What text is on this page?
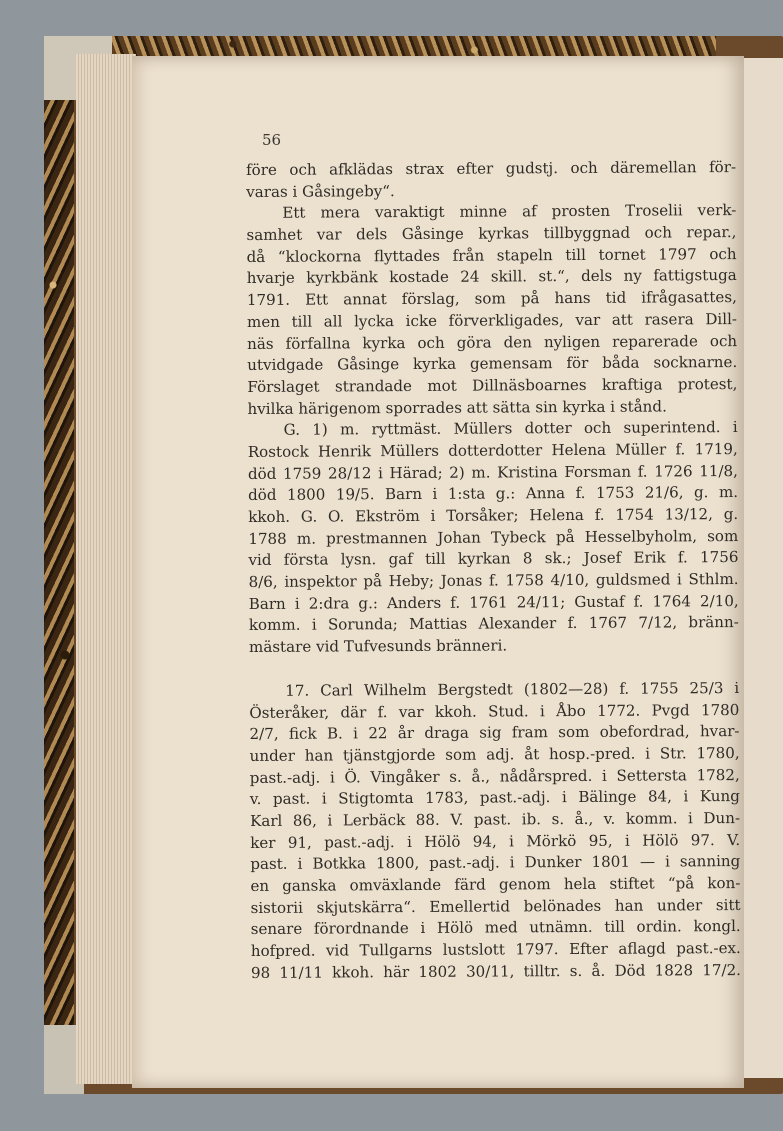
56
före och afklädas strax efter gudstj. och däremellan för-
varas i Gåsingeby“.
Ett mera varaktigt minne af prosten Troselii verk-
samhet var dels Gåsinge kyrkas tillbyggnad och repar.,
då “klockorna flyttades från stapeln till tornet 1797 och
hvarje kyrkbänk kostade 24 skill. st.“, dels ny fattigstuga
1791. Ett annat förslag, som på hans tid ifrågasattes,
men till all lycka icke förverkligades, var att rasera Dill-
näs förfallna kyrka och göra den nyligen reparerade och
utvidgade Gåsinge kyrka gemensam för båda socknarne.
Förslaget strandade mot Dillnäsboarnes kraftiga protest,
hvilka härigenom sporrades att sätta sin kyrka i stånd.
G. 1) m. ryttmäst. Müllers dotter och superintend. i
Rostock Henrik Müllers dotterdotter Helena Müller f. 1719,
död 1759 28/12 i Härad; 2) m. Kristina Forsman f. 1726 11/8,
död 1800 19/5. Barn i 1:sta g.: Anna f. 1753 21/6, g. m.
kkoh. G. O. Ekström i Torsåker; Helena f. 1754 13/12, g.
1788 m. prestmannen Johan Tybeck på Hesselbyholm, som
vid första lysn. gaf till kyrkan 8 sk.; Josef Erik f. 1756
8/6, inspektor på Heby; Jonas f. 1758 4/10, guldsmed i Sthlm.
Barn i 2:dra g.: Anders f. 1761 24/11; Gustaf f. 1764 2/10,
komm. i Sorunda; Mattias Alexander f. 1767 7/12, bränn-
mästare vid Tufvesunds bränneri.
17. Carl Wilhelm Bergstedt (1802—28) f. 1755 25/3 i
Österåker, där f. var kkoh. Stud. i Åbo 1772. Pvgd 1780
2/7, fick B. i 22 år draga sig fram som obefordrad, hvar-
under han tjänstgjorde som adj. åt hosp.-pred. i Str. 1780,
past.-adj. i Ö. Vingåker s. å., nådårspred. i Settersta 1782,
v. past. i Stigtomta 1783, past.-adj. i Bälinge 84, i Kung
Karl 86, i Lerbäck 88. V. past. ib. s. å., v. komm. i Dun-
ker 91, past.-adj. i Hölö 94, i Mörkö 95, i Hölö 97. V.
past. i Botkka 1800, past.-adj. i Dunker 1801 — i sanning
en ganska omväxlande färd genom hela stiftet “på kon-
sistorii skjutskärra“. Emellertid belönades han under sitt
senare förordnande i Hölö med utnämn. till ordin. kongl.
hofpred. vid Tullgarns lustslott 1797. Efter aflagd past.-ex.
98 11/11 kkoh. här 1802 30/11, tilltr. s. å. Död 1828 17/2.
